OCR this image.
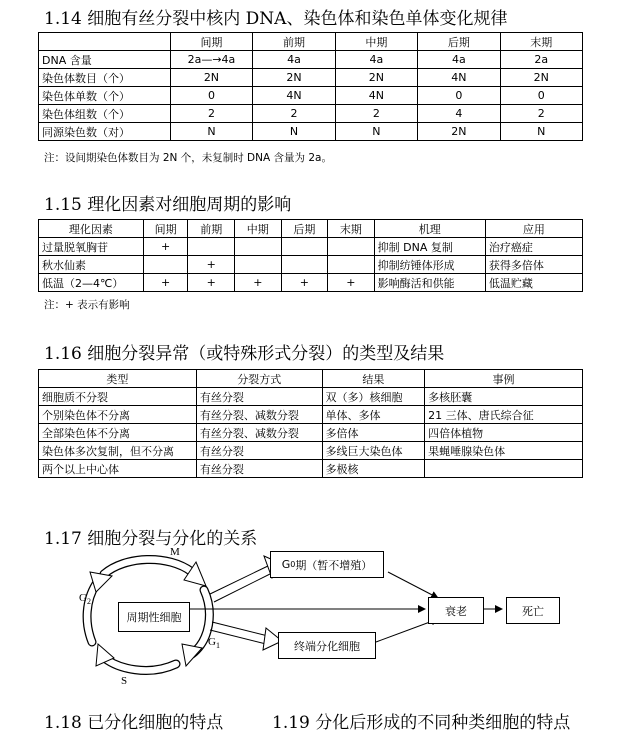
1.14 细胞有丝分裂中核内 DNA、染色体和染色单体变化规律
	间期	前期	中期	后期	末期
DNA 含量	2a—→4a	4a	4a	4a	2a
染色体数目（个）	2N	2N	2N	4N	2N
染色体单数（个）	0	4N	4N	0	0
染色体组数（个）	2	2	2	4	2
同源染色数（对）	N	N	N	2N	N
注：设间期染色体数目为 2N 个，未复制时 DNA 含量为 2a。
1.15 理化因素对细胞周期的影响
理化因素	间期	前期	中期	后期	末期	机理	应用
过量脱氧胸苷	+					抑制 DNA 复制	治疗癌症
秋水仙素		+				抑制纺锤体形成	获得多倍体
低温（2—4℃）	+	+	+	+	+	影响酶活和供能	低温贮藏
注：+ 表示有影响
1.16 细胞分裂异常（或特殊形式分裂）的类型及结果
类型	分裂方式	结果	事例
细胞质不分裂	有丝分裂	双（多）核细胞	多核胚囊
个别染色体不分离	有丝分裂、减数分裂	单体、多体	21 三体、唐氏综合征
全部染色体不分离	有丝分裂、减数分裂	多倍体	四倍体植物
染色体多次复制，但不分离	有丝分裂	多线巨大染色体	果蝇唾腺染色体
两个以上中心体	有丝分裂	多极核	
1.17 细胞分裂与分化的关系
周期性细胞
G 0 期（暂不增殖）
终端分化细胞
衰老	死亡
M
$G_2$
$G_1$
S
1.18 已分化细胞的特点	1.19 分化后形成的不同种类细胞的特点
